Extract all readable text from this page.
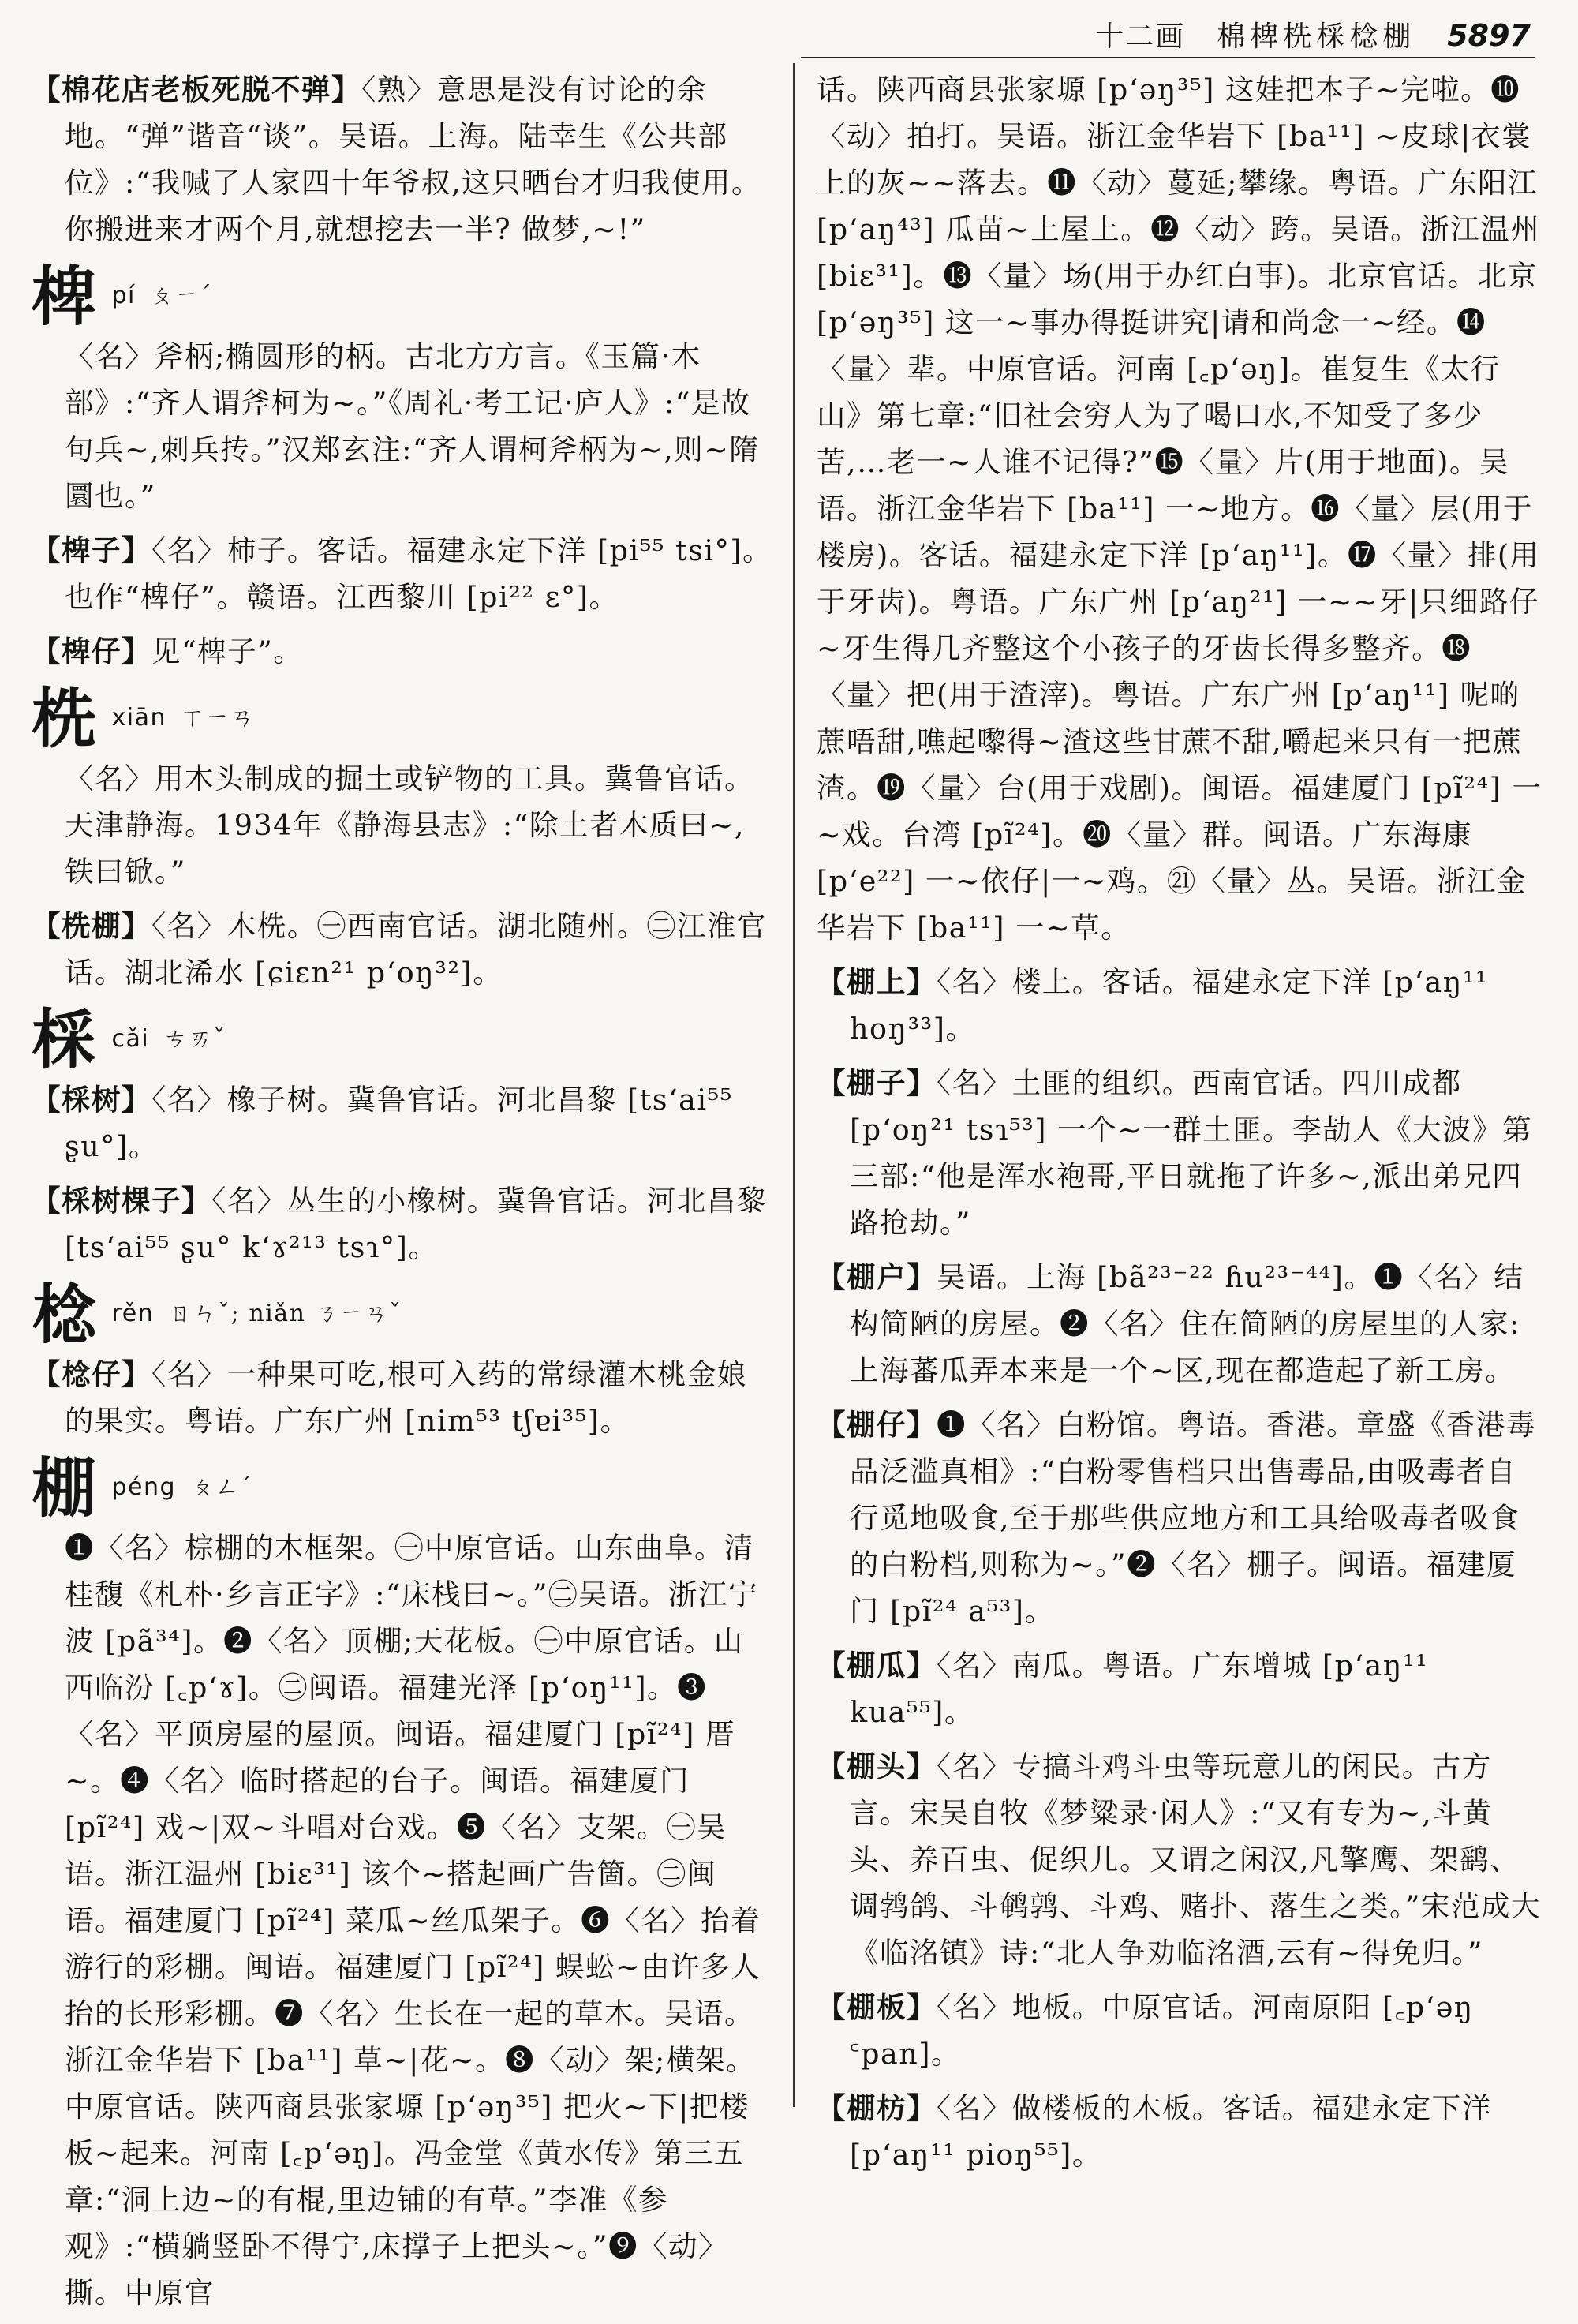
十二画 棉椑㭠棌棯棚 5897
【棉花店老板死脱不弹】〈熟〉意思是没有讨论的余地。“弹”谐音“谈”。吴语。上海。陆幸生《公共部位》:“我喊了人家四十年爷叔,这只晒台才归我使用。你搬进来才两个月,就想挖去一半? 做梦,~!”
椑 pí ㄆㄧˊ
〈名〉斧柄;椭圆形的柄。古北方方言。《玉篇·木部》:“齐人谓斧柯为~。”《周礼·考工记·庐人》:“是故句兵~,刺兵抟。”汉郑玄注:“齐人谓柯斧柄为~,则~隋圜也。”
【椑子】〈名〉柿子。客话。福建永定下洋 [pi⁵⁵ tsi°]。也作“椑仔”。赣语。江西黎川 [pi²² ɛ°]。
【椑仔】见“椑子”。
㭠 xiān ㄒㄧㄢ
〈名〉用木头制成的掘土或铲物的工具。冀鲁官话。天津静海。1934年《静海县志》:“除土者木质曰~,铁曰锨。”
【㭠棚】〈名〉木㭠。㊀西南官话。湖北随州。㊁江淮官话。湖北浠水 [ɕiɛn²¹ p‘oŋ³²]。
棌 cǎi ㄘㄞˇ
【棌树】〈名〉橡子树。冀鲁官话。河北昌黎 [ts‘ai⁵⁵ ʂu°]。
【棌树棵子】〈名〉丛生的小橡树。冀鲁官话。河北昌黎 [ts‘ai⁵⁵ ʂu° k‘ɤ²¹³ tsɿ°]。
棯 rěn ㄖㄣˇ; niǎn ㄋㄧㄢˇ
【棯仔】〈名〉一种果可吃,根可入药的常绿灌木桃金娘的果实。粤语。广东广州 [nim⁵³ tʃɐi³⁵]。
棚 péng ㄆㄥˊ
❶〈名〉棕棚的木框架。㊀中原官话。山东曲阜。清桂馥《札朴·乡言正字》:“床栈曰~。”㊁吴语。浙江宁波 [pã³⁴]。❷〈名〉顶棚;天花板。㊀中原官话。山西临汾 [꜀p‘ɤ]。㊁闽语。福建光泽 [p‘oŋ¹¹]。❸〈名〉平顶房屋的屋顶。闽语。福建厦门 [pĩ²⁴] 厝~。❹〈名〉临时搭起的台子。闽语。福建厦门 [pĩ²⁴] 戏~|双~斗唱对台戏。❺〈名〉支架。㊀吴语。浙江温州 [biɛ³¹] 该个~搭起画广告箇。㊁闽语。福建厦门 [pĩ²⁴] 菜瓜~丝瓜架子。❻〈名〉抬着游行的彩棚。闽语。福建厦门 [pĩ²⁴] 蜈蚣~由许多人抬的长形彩棚。❼〈名〉生长在一起的草木。吴语。浙江金华岩下 [ba¹¹] 草~|花~。❽〈动〉架;横架。中原官话。陕西商县张家塬 [p‘əŋ³⁵] 把火~下|把楼板~起来。河南 [꜀p‘əŋ]。冯金堂《黄水传》第三五章:“洞上边~的有棍,里边铺的有草。”李准《参观》:“横躺竖卧不得宁,床撑子上把头~。”❾〈动〉撕。中原官
话。陕西商县张家塬 [p‘əŋ³⁵] 这娃把本子~完啦。❿〈动〉拍打。吴语。浙江金华岩下 [ba¹¹] ~皮球|衣裳上的灰~~落去。⓫〈动〉蔓延;攀缘。粤语。广东阳江 [p‘aŋ⁴³] 瓜苗~上屋上。⓬〈动〉跨。吴语。浙江温州 [biɛ³¹]。⓭〈量〉场(用于办红白事)。北京官话。北京 [p‘əŋ³⁵] 这一~事办得挺讲究|请和尚念一~经。⓮〈量〉辈。中原官话。河南 [꜀p‘əŋ]。崔复生《太行山》第七章:“旧社会穷人为了喝口水,不知受了多少苦,…老一~人谁不记得?”⓯〈量〉片(用于地面)。吴语。浙江金华岩下 [ba¹¹] 一~地方。⓰〈量〉层(用于楼房)。客话。福建永定下洋 [p‘aŋ¹¹]。⓱〈量〉排(用于牙齿)。粤语。广东广州 [p‘aŋ²¹] 一~~牙|只细路仔~牙生得几齐整这个小孩子的牙齿长得多整齐。⓲〈量〉把(用于渣滓)。粤语。广东广州 [p‘aŋ¹¹] 呢啲蔗唔甜,噍起嚟得~渣这些甘蔗不甜,嚼起来只有一把蔗渣。⓳〈量〉台(用于戏剧)。闽语。福建厦门 [pĩ²⁴] 一~戏。台湾 [pĩ²⁴]。⓴〈量〉群。闽语。广东海康 [p‘e²²] 一~依仔|一~鸡。㉑〈量〉丛。吴语。浙江金华岩下 [ba¹¹] 一~草。
【棚上】〈名〉楼上。客话。福建永定下洋 [p‘aŋ¹¹ hoŋ³³]。
【棚子】〈名〉土匪的组织。西南官话。四川成都 [p‘oŋ²¹ tsɿ⁵³] 一个~一群土匪。李劼人《大波》第三部:“他是浑水袍哥,平日就拖了许多~,派出弟兄四路抢劫。”
【棚户】吴语。上海 [bã²³⁻²² ɦu²³⁻⁴⁴]。❶〈名〉结构简陋的房屋。❷〈名〉住在简陋的房屋里的人家:上海蕃瓜弄本来是一个~区,现在都造起了新工房。
【棚仔】❶〈名〉白粉馆。粤语。香港。章盛《香港毒品泛滥真相》:“白粉零售档只出售毒品,由吸毒者自行觅地吸食,至于那些供应地方和工具给吸毒者吸食的白粉档,则称为~。”❷〈名〉棚子。闽语。福建厦门 [pĩ²⁴ a⁵³]。
【棚瓜】〈名〉南瓜。粤语。广东增城 [p‘aŋ¹¹ kua⁵⁵]。
【棚头】〈名〉专搞斗鸡斗虫等玩意儿的闲民。古方言。宋吴自牧《梦粱录·闲人》:“又有专为~,斗黄头、养百虫、促织儿。又谓之闲汉,凡擎鹰、架鹞、调鹁鸽、斗鹌鹑、斗鸡、赌扑、落生之类。”宋范成大《临洺镇》诗:“北人争劝临洺酒,云有~得免归。”
【棚板】〈名〉地板。中原官话。河南原阳 [꜀p‘əŋ ꜂pan]。
【棚枋】〈名〉做楼板的木板。客话。福建永定下洋 [p‘aŋ¹¹ pioŋ⁵⁵]。
